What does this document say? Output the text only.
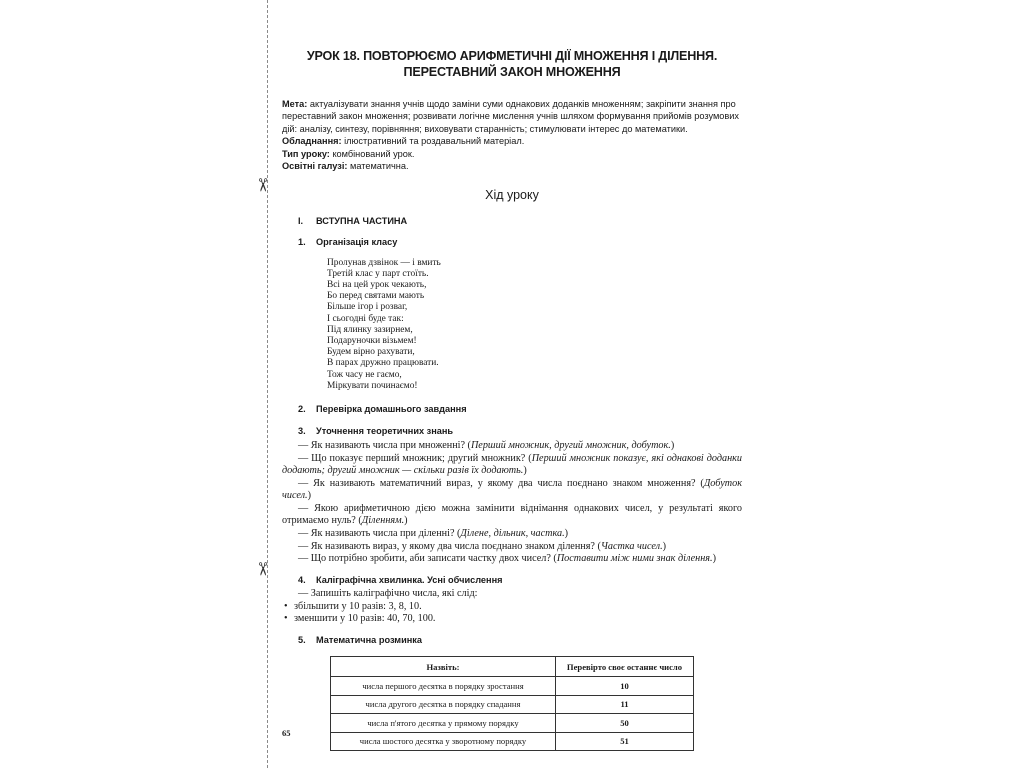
✂
✂
УРОК 18. ПОВТОРЮЄМО АРИФМЕТИЧНІ ДІЇ МНОЖЕННЯ І ДІЛЕННЯ.
ПЕРЕСТАВНИЙ ЗАКОН МНОЖЕННЯ

Мета: актуалізувати знання учнів щодо заміни суми однакових доданків множенням; закріпити знання про переставний закон множення; розвивати логічне мислення учнів шляхом формування прийомів розумових дій: аналізу, синтезу, порівняння; виховувати старанність; стимулювати інтерес до математики.

Обладнання: ілюстративний та роздавальний матеріал.

Тип уроку: комбінований урок.

Освітні галузі: математична.

Хід уроку
I. ВСТУПНА ЧАСТИНА
1. Організація класу
Пролунав дзвінок — і вмить
Третій клас у парт стоїть.
Всі на цей урок чекають,
Бо перед святами мають
Більше ігор і розваг,
І сьогодні буде так:
Під ялинку зазирнем,
Подаруночки візьмем!
Будем вірно рахувати,
В парах дружно працювати.
Тож часу не гаємо,
Міркувати починаємо!
2. Перевірка домашнього завдання
3. Уточнення теоретичних знань

— Як називають числа при множенні? (Перший множник, другий множник, добуток.)

— Що показує перший множник; другий множник? (Перший множник показує, які однакові доданки додають; другий множник — скільки разів їх додають.)

— Як називають математичний вираз, у якому два числа поєднано знаком множення? (Добуток чисел.)

— Якою арифметичною дією можна замінити віднімання однакових чисел, у результаті якого отримаємо нуль? (Діленням.)

— Як називають числа при діленні? (Ділене, дільник, частка.)

— Як називають вираз, у якому два числа поєднано знаком ділення? (Частка чисел.)

— Що потрібно зробити, аби записати частку двох чисел? (Поставити між ними знак ділення.)

4. Каліграфічна хвилинка. Усні обчислення
— Запишіть каліграфічно числа, які слід:
• збільшити у 10 разів: 3, 8, 10.
• зменшити у 10 разів: 40, 70, 100.
5. Математична розминка
Назвіть:	Перевірто своє останнє число
числа першого десятка в порядку зростання	10
числа другого десятка в порядку спадання	11
числа п'ятого десятка у прямому порядку	50
числа шостого десятка у зворотному порядку	51
65
